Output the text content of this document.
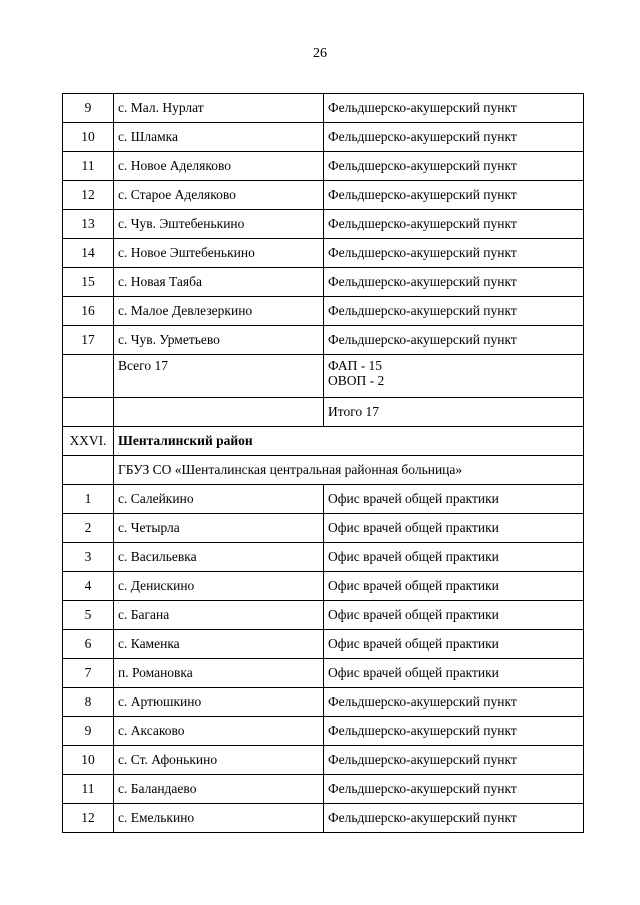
26
9	с. Мал. Нурлат	Фельдшерско-акушерский пункт
10	с. Шламка	Фельдшерско-акушерский пункт
11	с. Новое Аделяково	Фельдшерско-акушерский пункт
12	с. Старое Аделяково	Фельдшерско-акушерский пункт
13	с. Чув. Эштебенькино	Фельдшерско-акушерский пункт
14	с. Новое Эштебенькино	Фельдшерско-акушерский пункт
15	с. Новая Таяба	Фельдшерско-акушерский пункт
16	с. Малое Девлезеркино	Фельдшерско-акушерский пункт
17	с. Чув. Урметьево	Фельдшерско-акушерский пункт

	Всего 17	ФАП - 15
ОВОП - 2

		Итого 17
XXVI.	Шенталинский район	
	ГБУЗ СО «Шенталинская центральная районная больница»	
1	с. Салейкино	Офис врачей общей практики
2	с. Четырла	Офис врачей общей практики
3	с. Васильевка	Офис врачей общей практики
4	с. Денискино	Офис врачей общей практики
5	с. Багана	Офис врачей общей практики
6	с. Каменка	Офис врачей общей практики
7	п. Романовка	Офис врачей общей практики
8	с. Артюшкино	Фельдшерско-акушерский пункт
9	с. Аксаково	Фельдшерско-акушерский пункт
10	с. Ст. Афонькино	Фельдшерско-акушерский пункт
11	с. Баландаево	Фельдшерско-акушерский пункт
12	с. Емелькино	Фельдшерско-акушерский пункт
